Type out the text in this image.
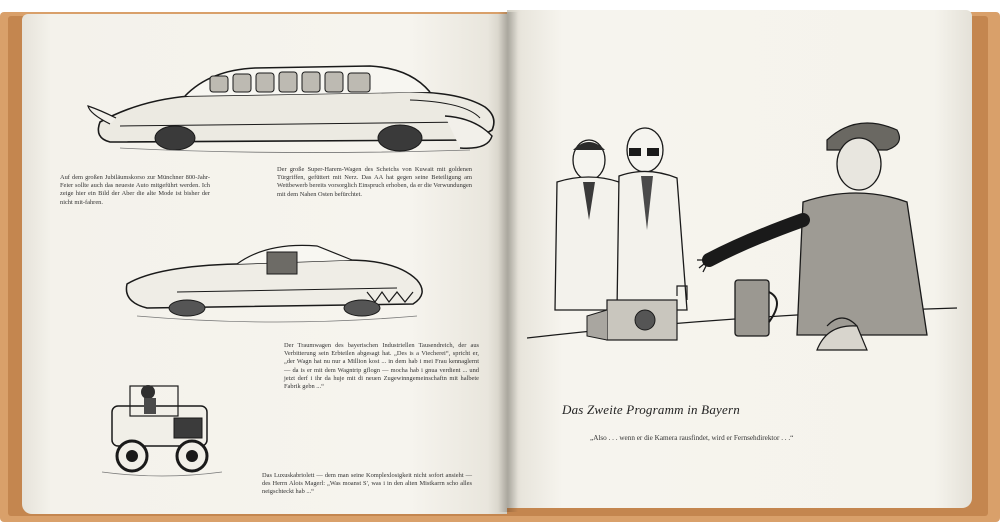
Auf dem großen Jubiläumskorso zur Münchner 800-Jahr-Feier sollte auch das neueste Auto mitgeführt werden. Ich zeige hier ein Bild der Aber die alte Mode ist bisher der nicht mit-fahren.
Der große Super-Harem-Wagen des Scheichs von Kuwait mit goldenen Türgriffen, gefüttert mit Nerz. Das AA hat gegen seine Beteiligung am Wettbewerb bereits vorsorglich Einspruch erhoben, da er die Verwundungen mit dem Nahen Osten befürchtet.
Der Traumwagen des bayerischen Industriellen Tausendreich, der aus Verbitterung sein Erbteilen abgesagt hat. „Des is a Viecherei“, spricht er, „der Wagn hat nu nur a Million kost ... in dem hab i mei Frau kennaglernt — da is er mit dem Wagntrip gflogn — mocha hab i gnua verdient ... und jetzt derf i ihr da huje mit di neuen Zugewinngemeinschaftn mit halbete Fabrik gebn ...“
Das Luxuskabriolett — dem man seine Komplexlosigkeit nicht sofort ansieht — des Herrn Alois Magerl: „Was moanst S', was i in den alten Mistkarrn scho alles neigschteckt hab ...“
Das Zweite Programm in Bayern
„Also . . . wenn er die Kamera rausfindet, wird er Fernsehdirektor . . .“
